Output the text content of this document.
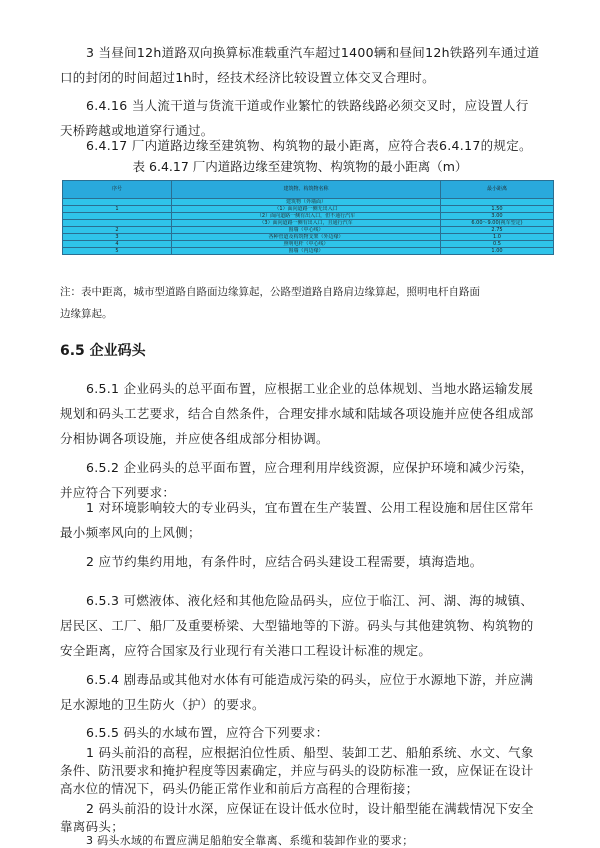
3 当昼间12h道路双向换算标准载重汽车超过1400辆和昼间12h铁路列车通过道口的封闭的时间超过1h时，经技术经济比较设置立体交叉合理时。

6.4.16 当人流干道与货流干道或作业繁忙的铁路线路必须交叉时，应设置人行天桥跨越或地道穿行通过。

6.4.17 厂内道路边缘至建筑物、构筑物的最小距离，应符合表6.4.17的规定。

表 6.4.17 厂内道路边缘至建筑物、构筑物的最小距离（m）
序号	建筑物、构筑物名称	最小距离
	建筑物（外墙面）	
1	（1）面向道路一侧无出入口	1.50
	（2）面向道路一侧有出入口，但不通行汽车	3.00
	（3）面向道路一侧有出入口，且通行汽车	6.00～9.00(视车型定)
2	围墙（中心线）	2.75
3	各种管道及构筑物支架（外边缘）	1.0
4	照明电杆（中心线）	0.5
5	围墙（内边缘）	1.00

注：表中距离，城市型道路自路面边缘算起，公路型道路自路肩边缘算起，照明电杆自路面
边缘算起。

6.5 企业码头

6.5.1 企业码头的总平面布置，应根据工业企业的总体规划、当地水路运输发展规划和码头工艺要求，结合自然条件，合理安排水域和陆域各项设施并应使各组成部分相协调各项设施，并应使各组成部分相协调。

6.5.2 企业码头的总平面布置，应合理利用岸线资源，应保护环境和减少污染，并应符合下列要求：

1 对环境影响较大的专业码头，宜布置在生产装置、公用工程设施和居住区常年最小频率风向的上风侧；

2 应节约集约用地，有条件时，应结合码头建设工程需要，填海造地。

6.5.3 可燃液体、液化烃和其他危险品码头，应位于临江、河、湖、海的城镇、居民区、工厂、船厂及重要桥梁、大型锚地等的下游。码头与其他建筑物、构筑物的安全距离，应符合国家及行业现行有关港口工程设计标准的规定。

6.5.4 剧毒品或其他对水体有可能造成污染的码头，应位于水源地下游，并应满足水源地的卫生防火（护）的要求。

6.5.5 码头的水域布置，应符合下列要求：

1 码头前沿的高程，应根据泊位性质、船型、装卸工艺、船舶系统、水文、气象条件、防汛要求和掩护程度等因素确定，并应与码头的设防标准一致，应保证在设计高水位的情况下，码头仍能正常作业和前后方高程的合理衔接；

2 码头前沿的设计水深，应保证在设计低水位时，设计船型能在满载情况下安全靠离码头；

3 码头水域的布置应满足船舶安全靠离、系缆和装卸作业的要求；
